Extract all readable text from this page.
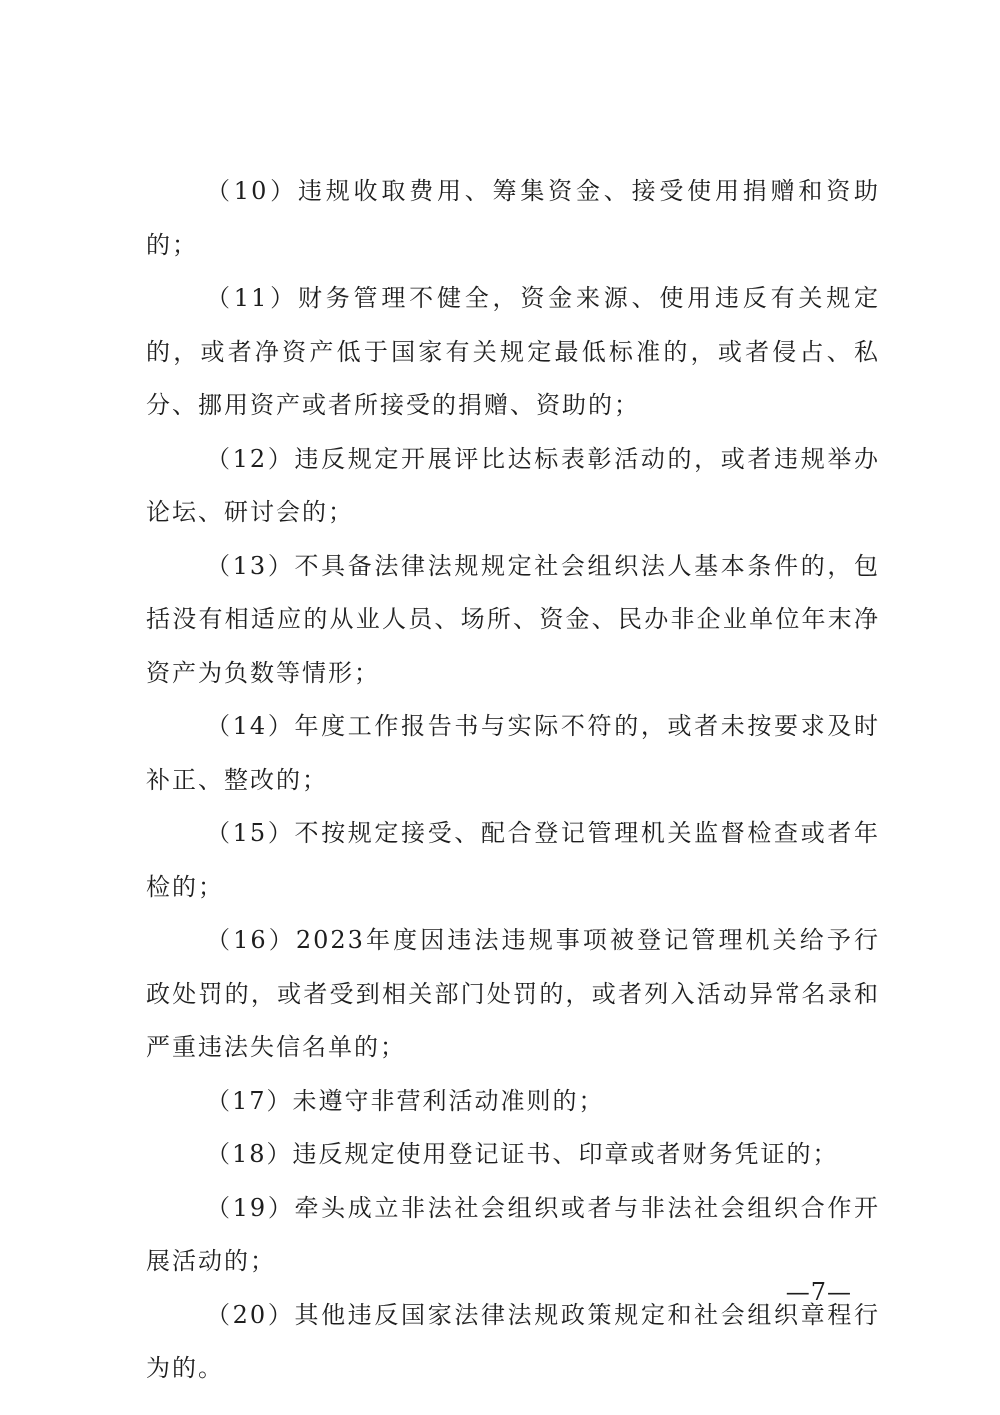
（10）违规收取费用、筹集资金、接受使用捐赠和资助的；

（11）财务管理不健全，资金来源、使用违反有关规定的，或者净资产低于国家有关规定最低标准的，或者侵占、私分、挪用资产或者所接受的捐赠、资助的；

（12）违反规定开展评比达标表彰活动的，或者违规举办论坛、研讨会的；

（13）不具备法律法规规定社会组织法人基本条件的，包括没有相适应的从业人员、场所、资金、民办非企业单位年末净资产为负数等情形；

（14）年度工作报告书与实际不符的，或者未按要求及时补正、整改的；

（15）不按规定接受、配合登记管理机关监督检查或者年检的；

（16）2023年度因违法违规事项被登记管理机关给予行政处罚的，或者受到相关部门处罚的，或者列入活动异常名录和严重违法失信名单的；

（17）未遵守非营利活动准则的；

（18）违反规定使用登记证书、印章或者财务凭证的；

（19）牵头成立非法社会组织或者与非法社会组织合作开展活动的；

（20）其他违反国家法律法规政策规定和社会组织章程行为的。

—7—
